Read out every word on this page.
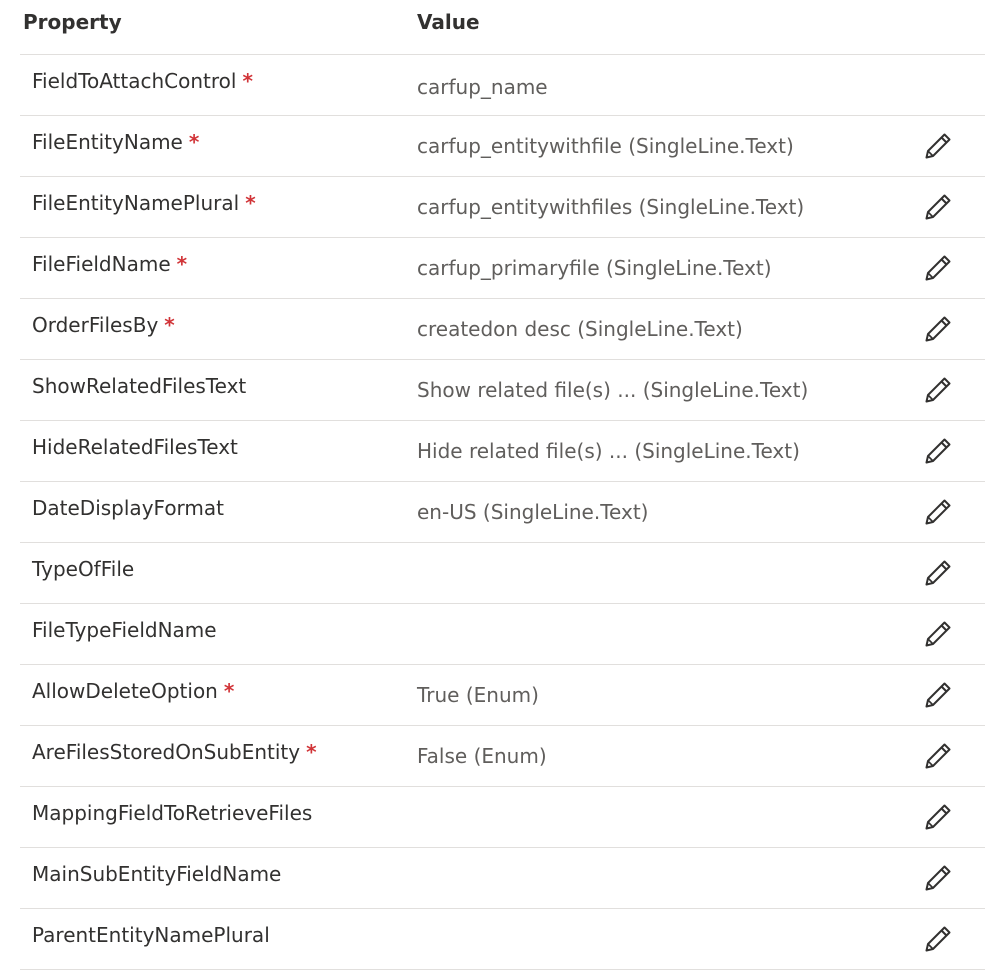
Property	Value
FieldToAttachControl *	carfup_name
FileEntityName *	carfup_entitywithfile (SingleLine.Text)
FileEntityNamePlural *	carfup_entitywithfiles (SingleLine.Text)
FileFieldName *	carfup_primaryfile (SingleLine.Text)
OrderFilesBy *	createdon desc (SingleLine.Text)
ShowRelatedFilesText	Show related file(s) ... (SingleLine.Text)
HideRelatedFilesText	Hide related file(s) ... (SingleLine.Text)
DateDisplayFormat	en-US (SingleLine.Text)
TypeOfFile
FileTypeFieldName
AllowDeleteOption *	True (Enum)
AreFilesStoredOnSubEntity *	False (Enum)
MappingFieldToRetrieveFiles
MainSubEntityFieldName
ParentEntityNamePlural
